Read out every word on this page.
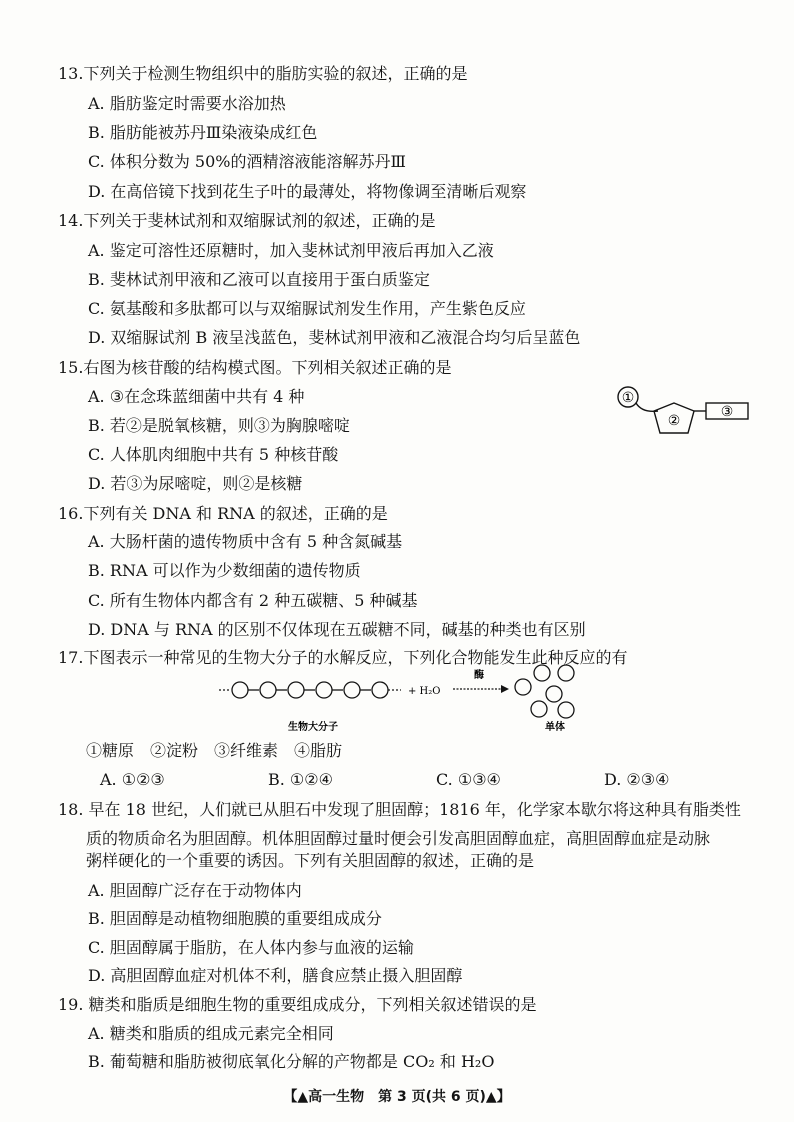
13.下列关于检测生物组织中的脂肪实验的叙述，正确的是
A. 脂肪鉴定时需要水浴加热
B. 脂肪能被苏丹Ⅲ染液染成红色
C. 体积分数为 50%的酒精溶液能溶解苏丹Ⅲ
D. 在高倍镜下找到花生子叶的最薄处，将物像调至清晰后观察
14.下列关于斐林试剂和双缩脲试剂的叙述，正确的是
A. 鉴定可溶性还原糖时，加入斐林试剂甲液后再加入乙液
B. 斐林试剂甲液和乙液可以直接用于蛋白质鉴定
C. 氨基酸和多肽都可以与双缩脲试剂发生作用，产生紫色反应
D. 双缩脲试剂 B 液呈浅蓝色，斐林试剂甲液和乙液混合均匀后呈蓝色
15.右图为核苷酸的结构模式图。下列相关叙述正确的是
A. ③在念珠蓝细菌中共有 4 种
B. 若②是脱氧核糖，则③为胸腺嘧啶
C. 人体肌肉细胞中共有 5 种核苷酸
D. 若③为尿嘧啶，则②是核糖
①
②
③
16.下列有关 DNA 和 RNA 的叙述，正确的是
A. 大肠杆菌的遗传物质中含有 5 种含氮碱基
B. RNA 可以作为少数细菌的遗传物质
C. 所有生物体内都含有 2 种五碳糖、5 种碱基
D. DNA 与 RNA 的区别不仅体现在五碳糖不同，碱基的种类也有区别
17.下图表示一种常见的生物大分子的水解反应，下列化合物能发生此种反应的有
+ H₂O
酶
生物大分子	单体
①糖原　②淀粉　③纤维素　④脂肪
A. ①②③	B. ①②④	C. ①③④	D. ②③④
18. 早在 18 世纪，人们就已从胆石中发现了胆固醇；1816 年，化学家本歇尔将这种具有脂类性
质的物质命名为胆固醇。机体胆固醇过量时便会引发高胆固醇血症，高胆固醇血症是动脉
粥样硬化的一个重要的诱因。下列有关胆固醇的叙述，正确的是
A. 胆固醇广泛存在于动物体内
B. 胆固醇是动植物细胞膜的重要组成成分
C. 胆固醇属于脂肪，在人体内参与血液的运输
D. 高胆固醇血症对机体不利，膳食应禁止摄入胆固醇
19. 糖类和脂质是细胞生物的重要组成成分，下列相关叙述错误的是
A. 糖类和脂质的组成元素完全相同
B. 葡萄糖和脂肪被彻底氧化分解的产物都是 CO₂ 和 H₂O
【▲高一生物　第 3 页(共 6 页)▲】
